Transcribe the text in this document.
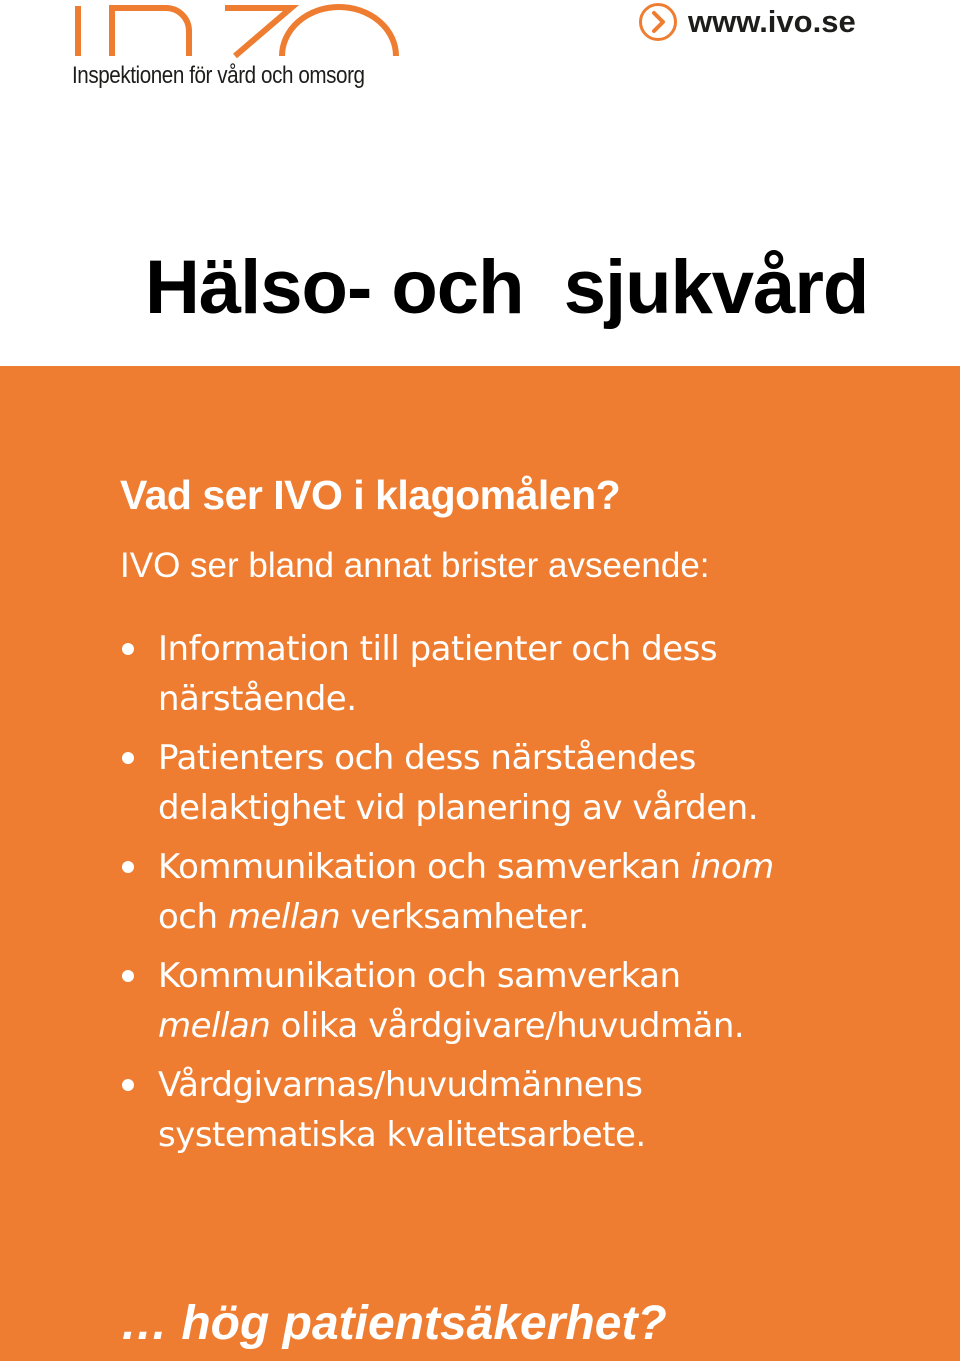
Inspektionen för vård och omsorg
www.ivo.se
Hälso- och  sjukvård
Vad ser IVO i klagomålen?

IVO ser bland annat brister avseende:

Information till patienter och dess
närstående.
Patienters och dess närståendes
delaktighet vid planering av vården.
Kommunikation och samverkan inom
och mellan verksamheter.
Kommunikation och samverkan
mellan olika vårdgivare/huvudmän.
Vårdgivarnas/huvudmännens
systematiska kvalitetsarbete.

… hög patientsäkerhet?
